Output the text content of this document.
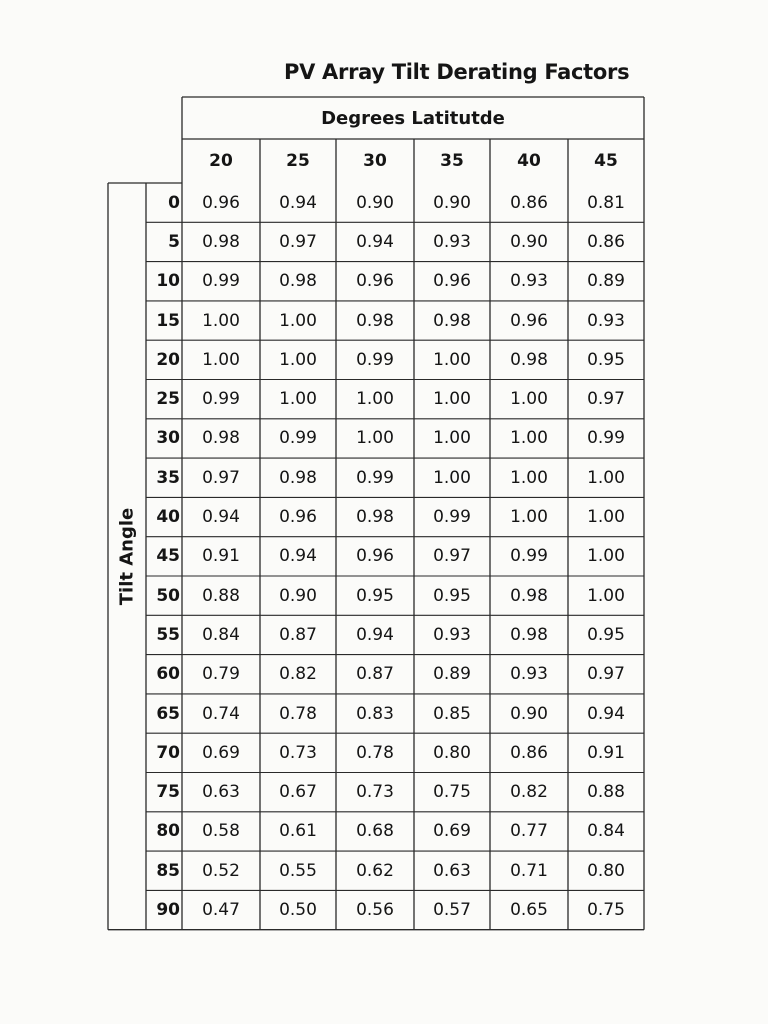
PV Array Tilt Derating Factors
Degrees Latitutde
Tilt Angle
20	25	30	35	40	45
0	0.96	0.94	0.90	0.90	0.86	0.81
5	0.98	0.97	0.94	0.93	0.90	0.86
10	0.99	0.98	0.96	0.96	0.93	0.89
15	1.00	1.00	0.98	0.98	0.96	0.93
20	1.00	1.00	0.99	1.00	0.98	0.95
25	0.99	1.00	1.00	1.00	1.00	0.97
30	0.98	0.99	1.00	1.00	1.00	0.99
35	0.97	0.98	0.99	1.00	1.00	1.00
40	0.94	0.96	0.98	0.99	1.00	1.00
45	0.91	0.94	0.96	0.97	0.99	1.00
50	0.88	0.90	0.95	0.95	0.98	1.00
55	0.84	0.87	0.94	0.93	0.98	0.95
60	0.79	0.82	0.87	0.89	0.93	0.97
65	0.74	0.78	0.83	0.85	0.90	0.94
70	0.69	0.73	0.78	0.80	0.86	0.91
75	0.63	0.67	0.73	0.75	0.82	0.88
80	0.58	0.61	0.68	0.69	0.77	0.84
85	0.52	0.55	0.62	0.63	0.71	0.80
90	0.47	0.50	0.56	0.57	0.65	0.75
